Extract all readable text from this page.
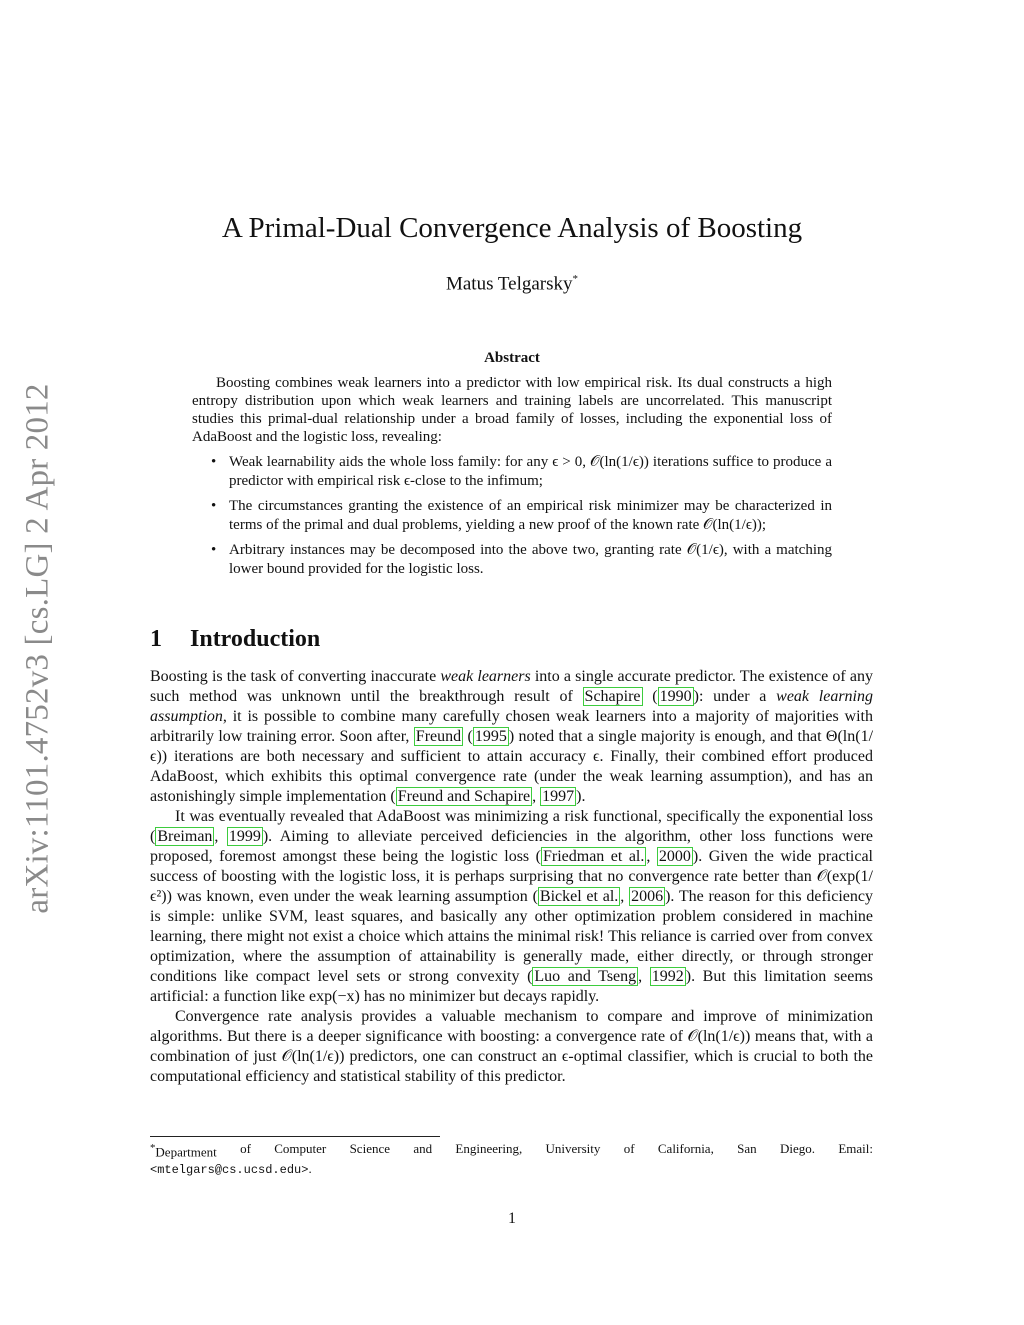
arXiv:1101.4752v3 [cs.LG] 2 Apr 2012
A Primal-Dual Convergence Analysis of Boosting
Matus Telgarsky*
Abstract
Boosting combines weak learners into a predictor with low empirical risk. Its dual constructs a high entropy distribution upon which weak learners and training labels are uncorrelated. This manuscript studies this primal-dual relationship under a broad family of losses, including the exponential loss of AdaBoost and the logistic loss, revealing:
• Weak learnability aids the whole loss family: for any ϵ > 0, 𝒪(ln(1/ϵ)) iterations suffice to produce a predictor with empirical risk ϵ-close to the infimum;
• The circumstances granting the existence of an empirical risk minimizer may be characterized in terms of the primal and dual problems, yielding a new proof of the known rate 𝒪(ln(1/ϵ));
• Arbitrary instances may be decomposed into the above two, granting rate 𝒪(1/ϵ), with a matching lower bound provided for the logistic loss.
1 Introduction

Boosting is the task of converting inaccurate weak learners into a single accurate predictor. The existence of any such method was unknown until the breakthrough result of Schapire ( 1990 ): under a weak learning assumption, it is possible to combine many carefully chosen weak learners into a majority of majorities with arbitrarily low training error. Soon after, Freund ( 1995 ) noted that a single majority is enough, and that Θ(ln(1/ϵ)) iterations are both necessary and sufficient to attain accuracy ϵ. Finally, their combined effort produced AdaBoost, which exhibits this optimal convergence rate (under the weak learning assumption), and has an astonishingly simple implementation ( Freund and Schapire , 1997 ).

It was eventually revealed that AdaBoost was minimizing a risk functional, specifically the exponential loss ( Breiman , 1999 ). Aiming to alleviate perceived deficiencies in the algorithm, other loss functions were proposed, foremost amongst these being the logistic loss ( Friedman et al. , 2000 ). Given the wide practical success of boosting with the logistic loss, it is perhaps surprising that no convergence rate better than 𝒪(exp(1/ϵ²)) was known, even under the weak learning assumption ( Bickel et al. , 2006 ). The reason for this deficiency is simple: unlike SVM, least squares, and basically any other optimization problem considered in machine learning, there might not exist a choice which attains the minimal risk! This reliance is carried over from convex optimization, where the assumption of attainability is generally made, either directly, or through stronger conditions like compact level sets or strong convexity ( Luo and Tseng , 1992 ). But this limitation seems artificial: a function like exp(−x) has no minimizer but decays rapidly.

Convergence rate analysis provides a valuable mechanism to compare and improve of minimization algorithms. But there is a deeper significance with boosting: a convergence rate of 𝒪(ln(1/ϵ)) means that, with a combination of just 𝒪(ln(1/ϵ)) predictors, one can construct an ϵ-optimal classifier, which is crucial to both the computational efficiency and statistical stability of this predictor.

*Department of Computer Science and Engineering, University of California, San Diego. Email:
<mtelgars@cs.ucsd.edu>.
1
